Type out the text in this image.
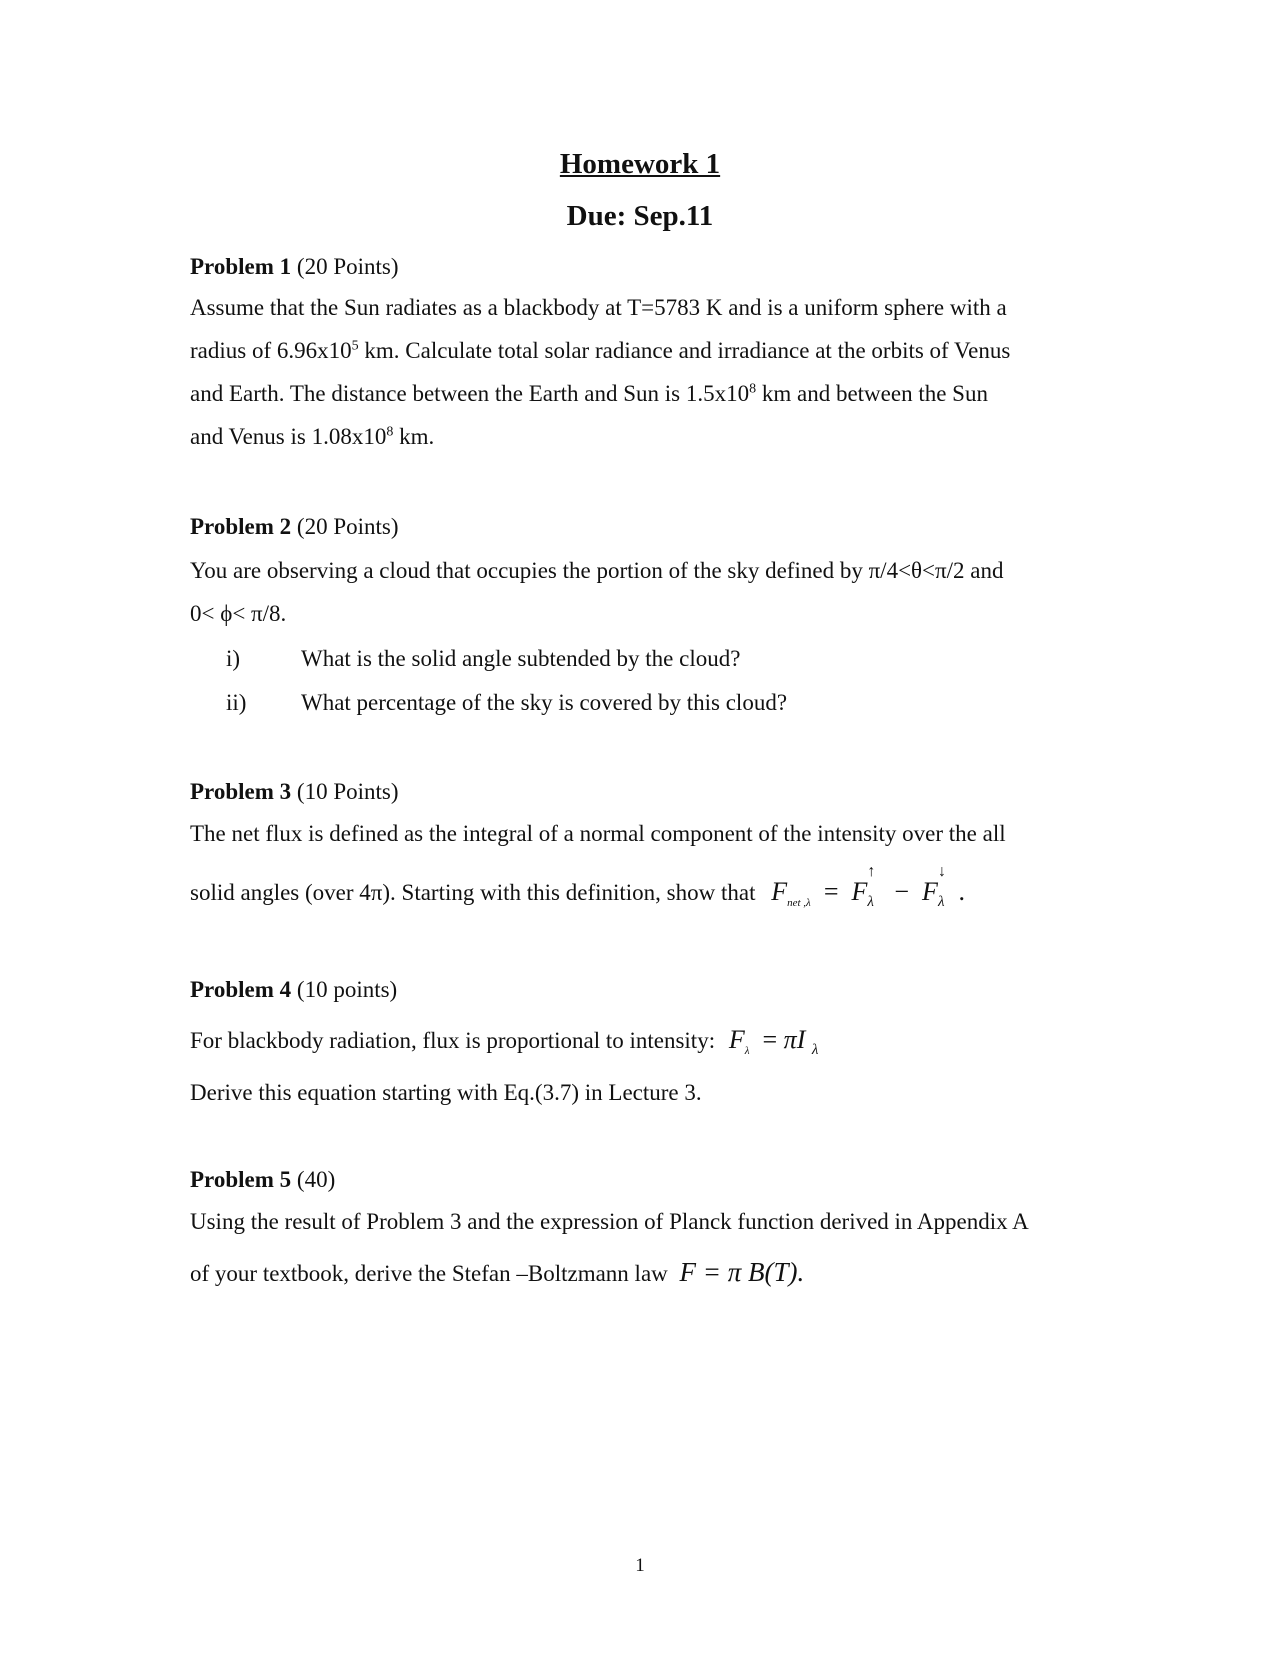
Homework 1
Due: Sep.11

Problem 1 (20 Points)

Assume that the Sun radiates as a blackbody at T=5783 K and is a uniform sphere with a
radius of $6.96x10^5$ km. Calculate total solar radiance and irradiance at the orbits of Venus
and Earth. The distance between the Earth and Sun is $1.5x10^8$ km and between the Sun
and Venus is $1.08x10^8$ km.

Problem 2 (20 Points)

You are observing a cloud that occupies the portion of the sky defined by π/4<θ<π/2 and
0< ϕ< π/8.
i)	What is the solid angle subtended by the cloud?
ii) What percentage of the sky is covered by this cloud?

Problem 3 (10 Points)

The net flux is defined as the integral of a normal component of the intensity over the all
solid angles (over 4π). Starting with this definition, show that $F_{net ,\lambda} = F$
↑
λ − F
↓
λ .

Problem 4 (10 points)

For blackbody radiation, flux is proportional to intensity: $F_\lambda = \pi I$ $_\lambda$
Derive this equation starting with Eq.(3.7) in Lecture 3.

Problem 5 (40)

Using the result of Problem 3 and the expression of Planck function derived in Appendix A
of your textbook, derive the Stefan –Boltzmann law F = π B(T).
1
